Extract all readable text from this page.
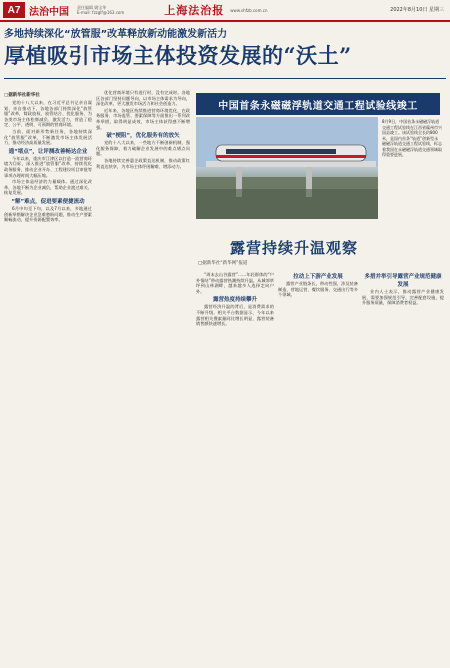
A7 法治中国 责任编辑 姚宝华
E-mail: fzzglf@163.com	上海法治报 www.shfzb.com.cn	2022年8月10日 星期三
多地持续深化“放管服”改革释放新动能激发新活力
厚植吸引市场主体投资发展的“沃土”
□据新华社新华社

党的十八大以来，在习近平总书记亲自谋划、亲自推动下，各地各部门持续深化“放管服”改革，简政放权、放管结合、优化服务，为各类市场主体松绑减负、激发活力，营造了稳定、公平、透明、可预期的营商环境。

当前，面对新形势新任务，各地持续深化“放管服”改革，不断激发市场主体发展活力，推动经济高质量发展。

通“堵点”，让评测改善畅达企业

今年以来，重庆市江津区以打造一流营商环境为目标，深入推进“放管服”改革，持续优化政务服务，推动企业开办、工程建设项目审批等事项办理时间大幅压缩。

市场主体是经济的力量载体。通过深化改革，各地不断为企业减负，帮助企业渡过难关、恢复发展。

“解”难点，促进要素便捷流动

6月中旬至下旬，以及7月以来，多地通过创新举措解决企业急难愁盼问题，推动生产要素顺畅流动，提升资源配置效率。

优化营商环境只有进行时，没有完成时。各地区各部门坚持问题导向，以市场主体需求为导向，深化改革，更大激发市场活力和社会创造力。

近年来，各地区持续推进营商环境优化，在政务服务、市场监管、要素保障等方面推出一系列改革举措，取得明显成效，市场主体获得感不断增强。

破“梗阻”，优化服务有的放矢

党的十八大以来，一些地方不断创新机制，强化服务保障，着力破解企业发展中的难点堵点问题。

各地持续完善惠企政策直达机制，推动政策红利直达快享，为市场主体纾困解难、增添动力。

中国首条永磁磁浮轨道交通工程试验线竣工
8月9日，中国首条永磁磁浮轨道交通工程试验线在江西省赣州市兴国县竣工。该试验线全长约800米，是国内首条“轨道”创新型永磁磁浮轨道交通工程试验线，标志着我国在永磁磁浮轨道交通领域取得重要进展。
露营持续升温观察
□据新华社“新华网”报道

“周末去山谷露营”……年轻群体的“户外情结”带动露营热潮持续升温。从城郊草坪到山林湖畔，越来越多人选择走向户外。

露营热度持续攀升

露营经济升温的背后，是消费需求的不断升级。相关平台数据显示，今年以来露营相关搜索量同比增长明显，露营装备销售额快速增长。

拉动上下游产业发展

露营产业链条长，带动性强，涉及装备制造、营地运营、餐饮服务、交通出行等多个领域。

多措并举引导露营产业规范健康发展

业内人士表示，推动露营产业健康发展，需要加强规范引导，完善配套设施，提升服务质量，保障消费者权益。
